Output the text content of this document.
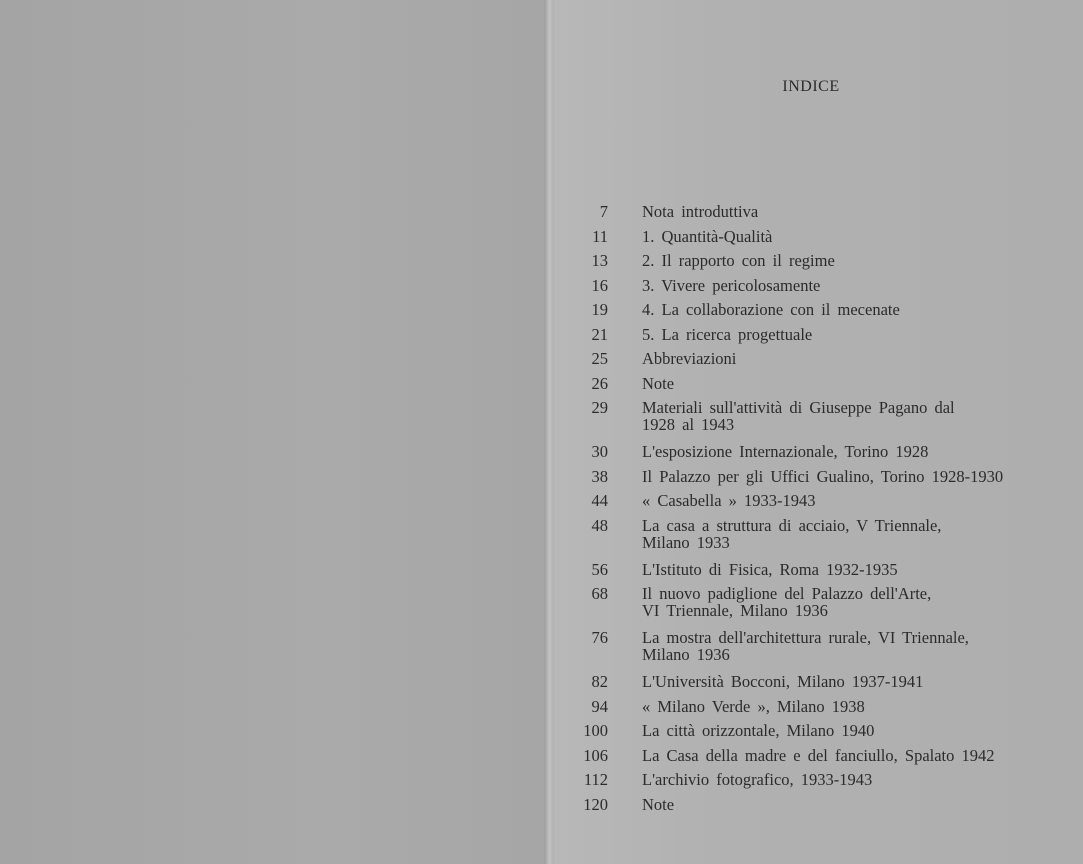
INDICE
7 Nota introduttiva
11 1. Quantità-Qualità
13 2. Il rapporto con il regime
16 3. Vivere pericolosamente
19 4. La collaborazione con il mecenate
21 5. La ricerca progettuale
25 Abbreviazioni
26 Note
29 Materiali sull'attività di Giuseppe Pagano dal
1928 al 1943
30 L'esposizione Internazionale, Torino 1928
38 Il Palazzo per gli Uffici Gualino, Torino 1928-1930
44 « Casabella » 1933-1943
48 La casa a struttura di acciaio, V Triennale,
Milano 1933
56 L'Istituto di Fisica, Roma 1932-1935
68 Il nuovo padiglione del Palazzo dell'Arte,
VI Triennale, Milano 1936
76 La mostra dell'architettura rurale, VI Triennale,
Milano 1936
82 L'Università Bocconi, Milano 1937-1941
94 « Milano Verde », Milano 1938
100 La città orizzontale, Milano 1940
106 La Casa della madre e del fanciullo, Spalato 1942
112 L'archivio fotografico, 1933-1943
120 Note
